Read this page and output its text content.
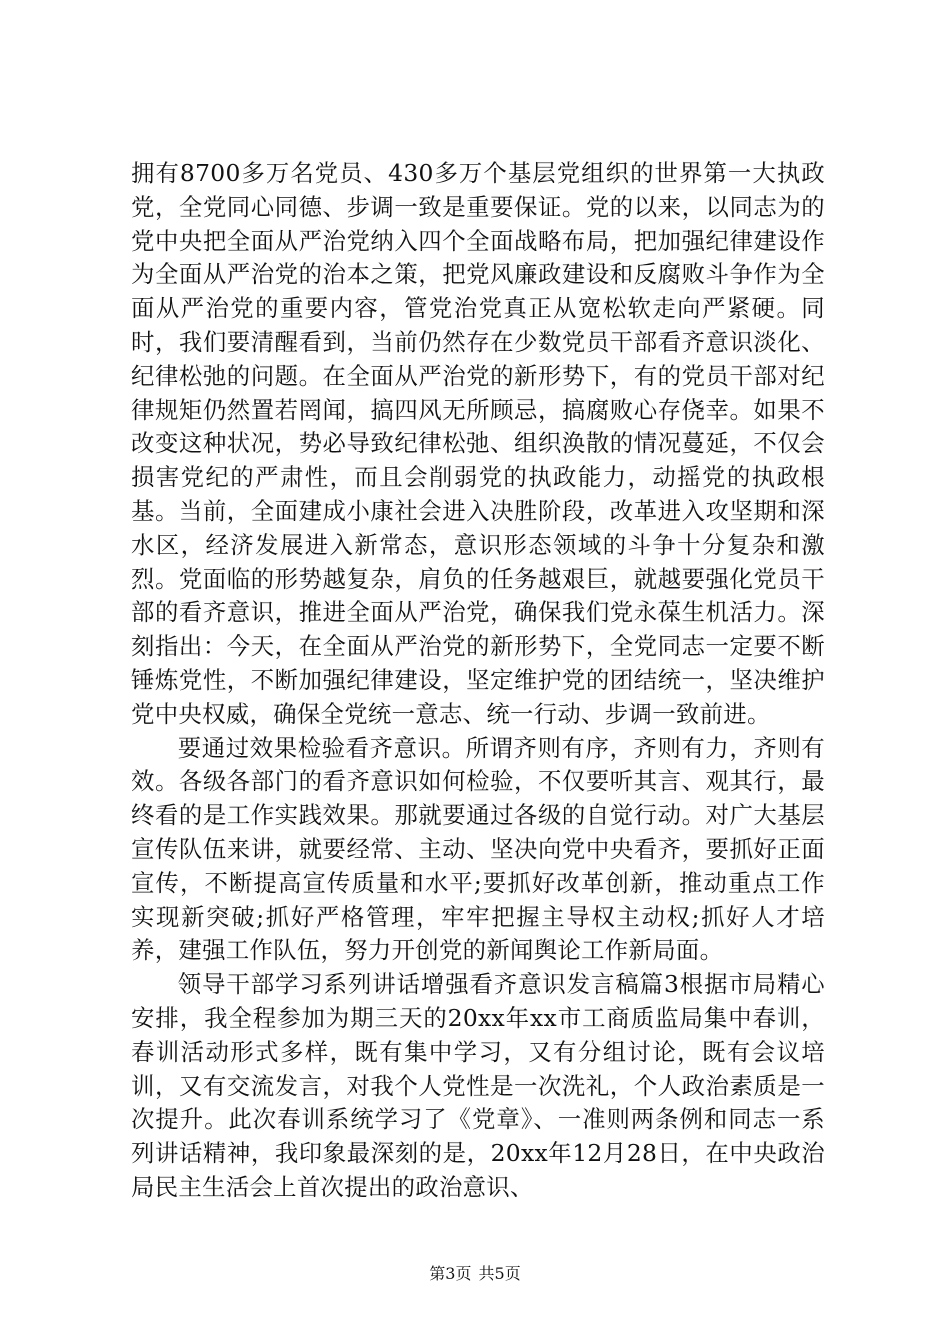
拥有8700多万名党员、430多万个基层党组织的世界第一大执政党，全党同心同德、步调一致是重要保证。党的以来，以同志为的党中央把全面从严治党纳入四个全面战略布局，把加强纪律建设作为全面从严治党的治本之策，把党风廉政建设和反腐败斗争作为全面从严治党的重要内容，管党治党真正从宽松软走向严紧硬。同时，我们要清醒看到，当前仍然存在少数党员干部看齐意识淡化、纪律松弛的问题。在全面从严治党的新形势下，有的党员干部对纪律规矩仍然置若罔闻，搞四风无所顾忌，搞腐败心存侥幸。如果不改变这种状况，势必导致纪律松弛、组织涣散的情况蔓延，不仅会损害党纪的严肃性，而且会削弱党的执政能力，动摇党的执政根基。当前，全面建成小康社会进入决胜阶段，改革进入攻坚期和深水区，经济发展进入新常态，意识形态领域的斗争十分复杂和激烈。党面临的形势越复杂，肩负的任务越艰巨，就越要强化党员干部的看齐意识，推进全面从严治党，确保我们党永葆生机活力。深刻指出：今天，在全面从严治党的新形势下，全党同志一定要不断锤炼党性，不断加强纪律建设，坚定维护党的团结统一，坚决维护党中央权威，确保全党统一意志、统一行动、步调一致前进。

要通过效果检验看齐意识。所谓齐则有序，齐则有力，齐则有效。各级各部门的看齐意识如何检验，不仅要听其言、观其行，最终看的是工作实践效果。那就要通过各级的自觉行动。对广大基层宣传队伍来讲，就要经常、主动、坚决向党中央看齐，要抓好正面宣传，不断提高宣传质量和水平;要抓好改革创新，推动重点工作实现新突破;抓好严格管理，牢牢把握主导权主动权;抓好人才培养，建强工作队伍，努力开创党的新闻舆论工作新局面。

领导干部学习系列讲话增强看齐意识发言稿篇3根据市局精心安排，我全程参加为期三天的20xx年xx市工商质监局集中春训，春训活动形式多样，既有集中学习，又有分组讨论，既有会议培训，又有交流发言，对我个人党性是一次洗礼，个人政治素质是一次提升。此次春训系统学习了《党章》、一准则两条例和同志一系列讲话精神，我印象最深刻的是，20xx年12月28日，在中央政治局民主生活会上首次提出的政治意识、

第3页 共5页
